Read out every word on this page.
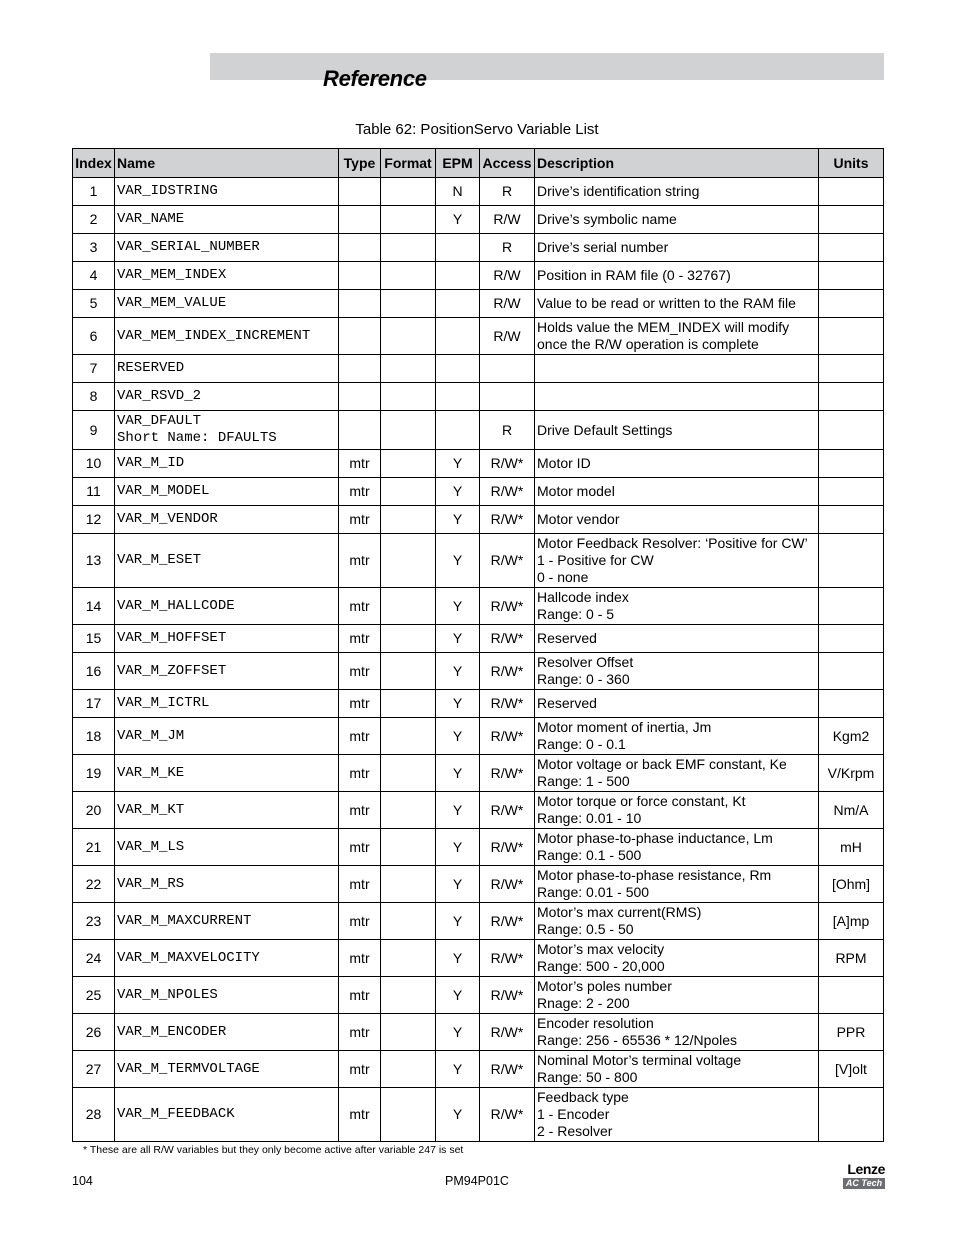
Reference
Table 62: PositionServo Variable List
Index	Name	Type	Format	EPM	Access	Description	Units
1	VAR_IDSTRING			N	R	Drive’s identification string	
2	VAR_NAME			Y	R/W	Drive’s symbolic name	
3	VAR_SERIAL_NUMBER				R	Drive’s serial number	
4	VAR_MEM_INDEX				R/W	Position in RAM file (0 - 32767)	
5	VAR_MEM_VALUE				R/W	Value to be read or written to the RAM file	
6	VAR_MEM_INDEX_INCREMENT				R/W	Holds value the MEM_INDEX will modify
once the R/W operation is complete	
7	RESERVED						
8	VAR_RSVD_2						
9	VAR_DFAULT
Short Name: DFAULTS				R	Drive Default Settings	
10	VAR_M_ID	mtr		Y	R/W*	Motor ID	
11	VAR_M_MODEL	mtr		Y	R/W*	Motor model	
12	VAR_M_VENDOR	mtr		Y	R/W*	Motor vendor	
13	VAR_M_ESET	mtr		Y	R/W*	Motor Feedback Resolver: ‘Positive for CW’
1 - Positive for CW
0 - none	
14	VAR_M_HALLCODE	mtr		Y	R/W*	Hallcode index
Range: 0 - 5	
15	VAR_M_HOFFSET	mtr		Y	R/W*	Reserved	
16	VAR_M_ZOFFSET	mtr		Y	R/W*	Resolver Offset
Range: 0 - 360	
17	VAR_M_ICTRL	mtr		Y	R/W*	Reserved	
18	VAR_M_JM	mtr		Y	R/W*	Motor moment of inertia, Jm
Range: 0 - 0.1	Kgm2
19	VAR_M_KE	mtr		Y	R/W*	Motor voltage or back EMF constant, Ke
Range: 1 - 500	V/Krpm
20	VAR_M_KT	mtr		Y	R/W*	Motor torque or force constant, Kt
Range: 0.01 - 10	Nm/A
21	VAR_M_LS	mtr		Y	R/W*	Motor phase-to-phase inductance, Lm
Range: 0.1 - 500	mH
22	VAR_M_RS	mtr		Y	R/W*	Motor phase-to-phase resistance, Rm
Range: 0.01 - 500	[Ohm]
23	VAR_M_MAXCURRENT	mtr		Y	R/W*	Motor’s max current(RMS)
Range: 0.5 - 50	[A]mp
24	VAR_M_MAXVELOCITY	mtr		Y	R/W*	Motor’s max velocity
Range: 500 - 20,000	RPM
25	VAR_M_NPOLES	mtr		Y	R/W*	Motor’s poles number
Rnage: 2 - 200	
26	VAR_M_ENCODER	mtr		Y	R/W*	Encoder resolution
Range: 256 - 65536 * 12/Npoles	PPR
27	VAR_M_TERMVOLTAGE	mtr		Y	R/W*	Nominal Motor’s terminal voltage
Range: 50 - 800	[V]olt
28	VAR_M_FEEDBACK	mtr		Y	R/W*	Feedback type
1 - Encoder
2 - Resolver	
* These are all R/W variables but they only become active after variable 247 is set
104	PM94P01C
Lenze
AC Tech
